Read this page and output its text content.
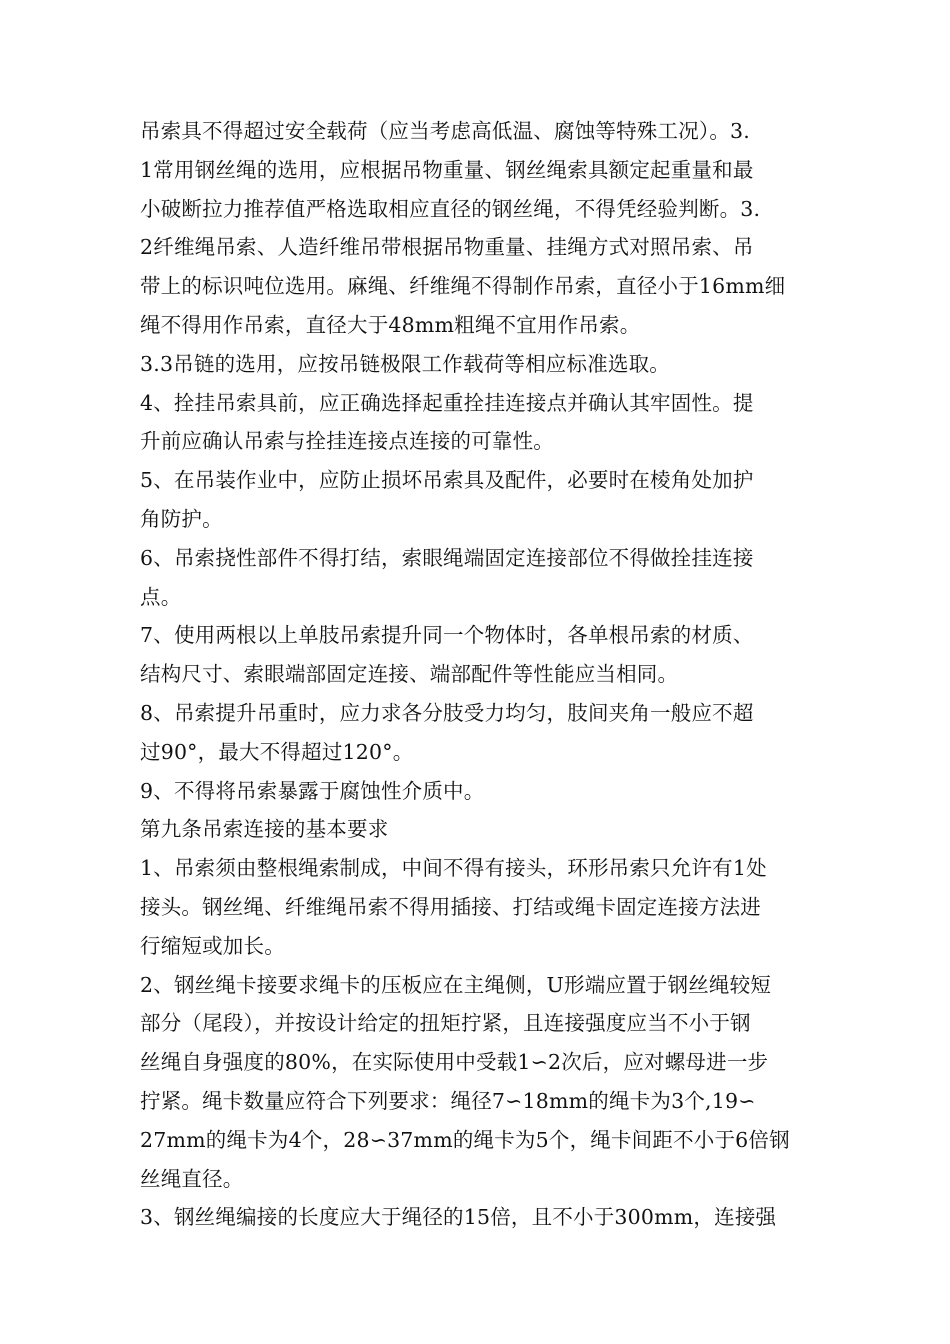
吊索具不得超过安全载荷（应当考虑高低温、腐蚀等特殊工况）。3.
1常用钢丝绳的选用，应根据吊物重量、钢丝绳索具额定起重量和最
小破断拉力推荐值严格选取相应直径的钢丝绳，不得凭经验判断。3.
2纤维绳吊索、人造纤维吊带根据吊物重量、挂绳方式对照吊索、吊
带上的标识吨位选用。麻绳、纤维绳不得制作吊索，直径小于16mm细
绳不得用作吊索，直径大于48mm粗绳不宜用作吊索。
3.3吊链的选用，应按吊链极限工作载荷等相应标准选取。
4、拴挂吊索具前，应正确选择起重拴挂连接点并确认其牢固性。提
升前应确认吊索与拴挂连接点连接的可靠性。
5、在吊装作业中，应防止损坏吊索具及配件，必要时在棱角处加护
角防护。
6、吊索挠性部件不得打结，索眼绳端固定连接部位不得做拴挂连接
点。
7、使用两根以上单肢吊索提升同一个物体时，各单根吊索的材质、
结构尺寸、索眼端部固定连接、端部配件等性能应当相同。
8、吊索提升吊重时，应力求各分肢受力均匀，肢间夹角一般应不超
过90°，最大不得超过120°。
9、不得将吊索暴露于腐蚀性介质中。
第九条吊索连接的基本要求
1、吊索须由整根绳索制成，中间不得有接头，环形吊索只允许有1处
接头。钢丝绳、纤维绳吊索不得用插接、打结或绳卡固定连接方法进
行缩短或加长。
2、钢丝绳卡接要求绳卡的压板应在主绳侧，U形端应置于钢丝绳较短
部分（尾段），并按设计给定的扭矩拧紧，且连接强度应当不小于钢
丝绳自身强度的80%，在实际使用中受载1∽2次后，应对螺母进一步
拧紧。绳卡数量应符合下列要求：绳径7∽18mm的绳卡为3个,19∽
27mm的绳卡为4个，28∽37mm的绳卡为5个，绳卡间距不小于6倍钢
丝绳直径。
3、钢丝绳编接的长度应大于绳径的15倍，且不小于300mm，连接强
